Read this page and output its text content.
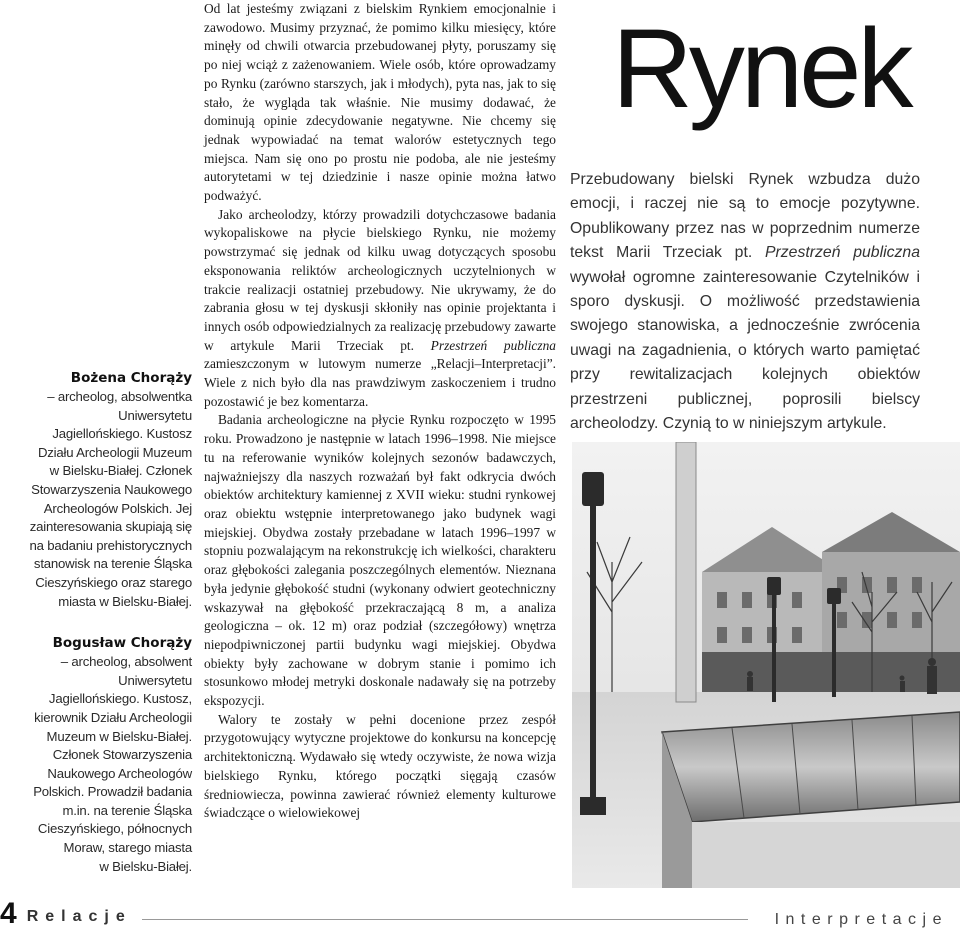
Bożena Chorąży
– archeolog, absolwentka
Uniwersytetu
Jagiellońskiego. Kustosz
Działu Archeologii Muzeum
w Bielsku-Białej. Członek
Stowarzyszenia Naukowego
Archeologów Polskich. Jej
zainteresowania skupiają się
na badaniu prehistorycznych
stanowisk na terenie Śląska
Cieszyńskiego oraz starego
miasta w Bielsku-Białej.
Bogusław Chorąży
– archeolog, absolwent
Uniwersytetu
Jagiellońskiego. Kustosz,
kierownik Działu Archeologii
Muzeum w Bielsku-Białej.
Członek Stowarzyszenia
Naukowego Archeologów
Polskich. Prowadził badania
m.in. na terenie Śląska
Cieszyńskiego, północnych
Moraw, starego miasta
w Bielsku-Białej.

Od lat jesteśmy związani z bielskim Rynkiem emocjonalnie i zawodowo. Musimy przyznać, że pomimo kilku miesięcy, które minęły od chwili otwarcia przebudowanej płyty, poruszamy się po niej wciąż z zażenowaniem. Wiele osób, które oprowadzamy po Rynku (zarówno starszych, jak i młodych), pyta nas, jak to się stało, że wygląda tak właśnie. Nie musimy dodawać, że dominują opinie zdecydowanie negatywne. Nie chcemy się jednak wypowiadać na temat walorów estetycznych tego miejsca. Nam się ono po prostu nie podoba, ale nie jesteśmy autorytetami w tej dziedzinie i nasze opinie można łatwo podważyć.

Jako archeolodzy, którzy prowadzili dotychczasowe badania wykopaliskowe na płycie bielskiego Rynku, nie możemy powstrzymać się jednak od kilku uwag dotyczących sposobu eksponowania reliktów archeologicznych uczytelnionych w trakcie realizacji ostatniej przebudowy. Nie ukrywamy, że do zabrania głosu w tej dyskusji skłoniły nas opinie projektanta i innych osób odpowiedzialnych za realizację przebudowy zawarte w artykule Marii Trzeciak pt. Przestrzeń publiczna zamieszczonym w lutowym numerze „Relacji–Interpretacji”. Wiele z nich było dla nas prawdziwym zaskoczeniem i trudno pozostawić je bez komentarza.

Badania archeologiczne na płycie Rynku rozpoczęto w 1995 roku. Prowadzono je następnie w latach 1996–1998. Nie miejsce tu na referowanie wyników kolejnych sezonów badawczych, najważniejszy dla naszych rozważań był fakt odkrycia dwóch obiektów architektury kamiennej z XVII wieku: studni rynkowej oraz obiektu wstępnie interpretowanego jako budynek wagi miejskiej. Obydwa zostały przebadane w latach 1996–1997 w stopniu pozwalającym na rekonstrukcję ich wielkości, charakteru oraz głębokości zalegania poszczególnych elementów. Nieznana była jedynie głębokość studni (wykonany odwiert geotechniczny wskazywał na głębokość przekraczającą 8 m, a analiza geologiczna – ok. 12 m) oraz podział (szczegółowy) wnętrza niepodpiwniczonej partii budynku wagi miejskiej. Obydwa obiekty były zachowane w dobrym stanie i pomimo ich stosunkowo młodej metryki doskonale nadawały się na potrzeby ekspozycji.

Walory te zostały w pełni docenione przez zespół przygotowujący wytyczne projektowe do konkursu na koncepcję architektoniczną. Wydawało się wtedy oczywiste, że nowa wizja bielskiego Rynku, którego początki sięgają czasów średniowiecza, powinna zawierać również elementy kulturowe świadczące o wielowiekowej

Rynek
Przebudowany bielski Rynek wzbudza dużo emocji, i raczej nie są to emocje pozytywne. Opublikowany przez nas w poprzednim numerze tekst Marii Trzeciak pt. Przestrzeń publiczna wywołał ogromne zainteresowanie Czytelników i sporo dyskusji. O możliwość przedstawienia swojego stanowiska, a jednocześnie zwrócenia uwagi na zagadnienia, o których warto pamiętać przy rewitalizacjach kolejnych obiektów przestrzeni publicznej, poprosili bielscy archeolodzy. Czynią to w niniejszym artykule.
4 Relacje	Interpretacje
